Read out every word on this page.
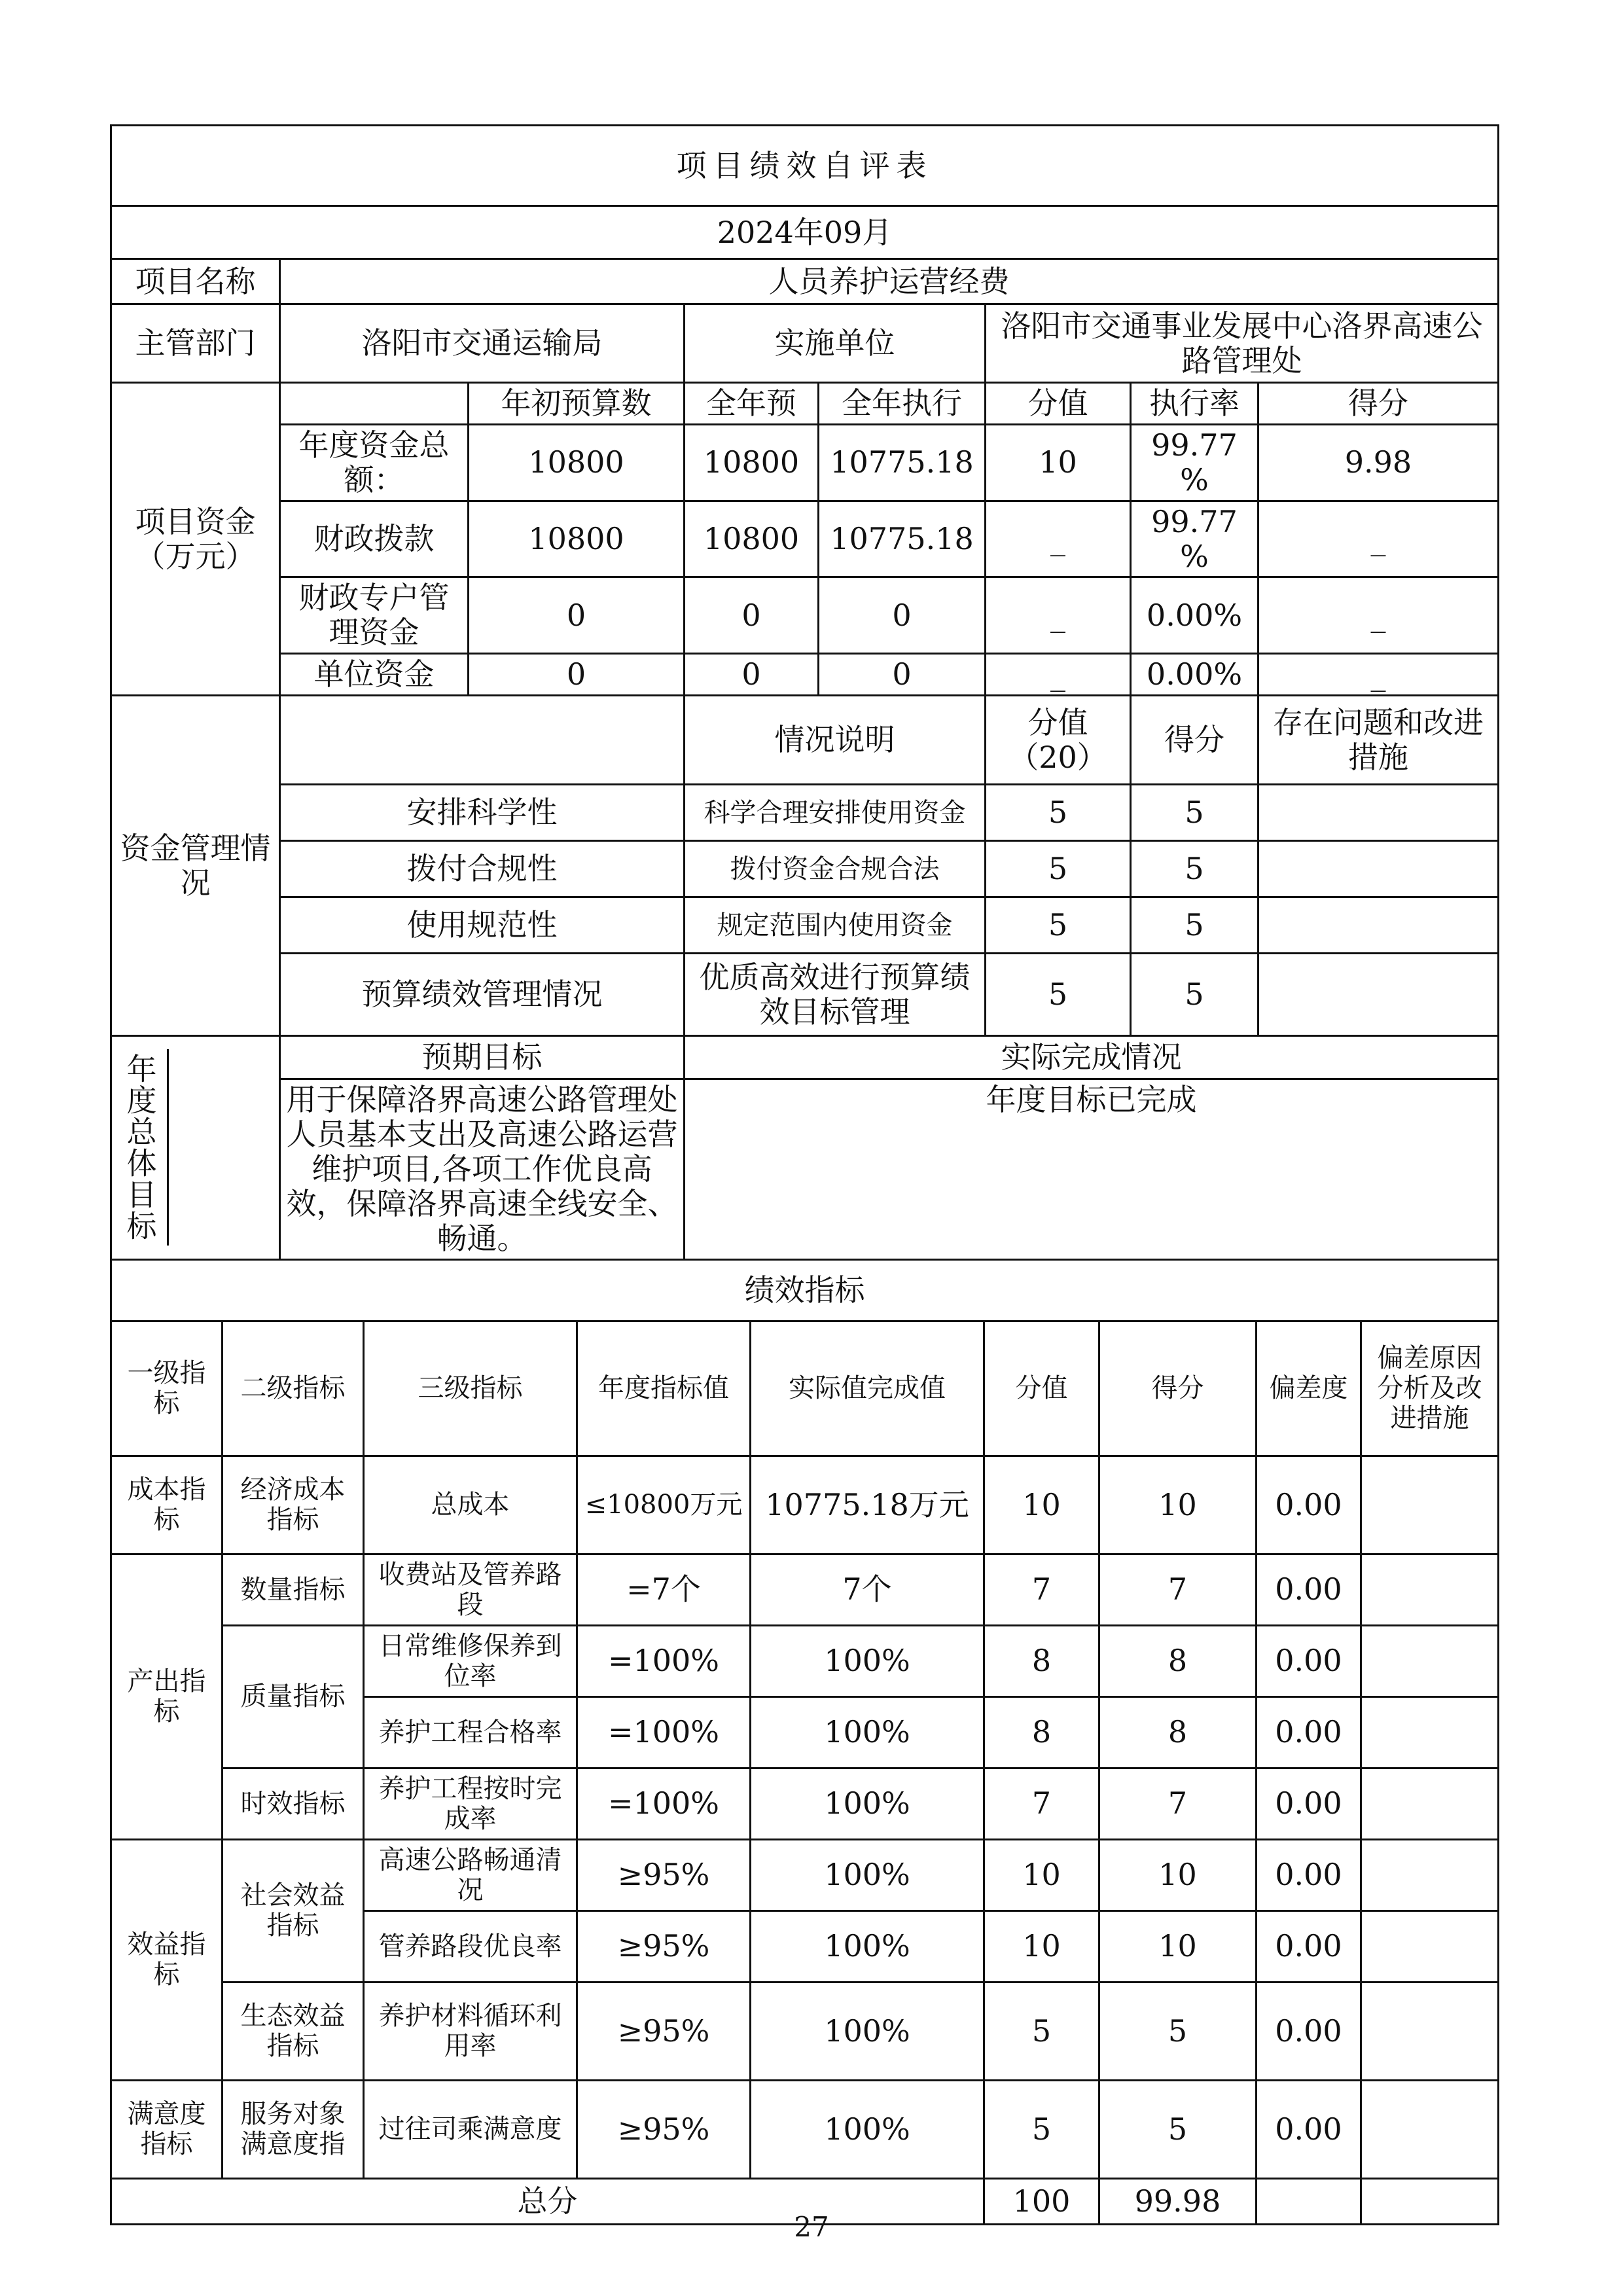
项目绩效自评表							
2024年09月							
项目名称	人员养护运营经费						
主管部门	洛阳市交通运输局		实施单位		洛阳市交通事业发展中心洛界高速公路管理处		
项目资金（万元）		年初预算数	全年预	全年执行	分值	执行率	得分
	年度资金总额：	10800	10800	10775.18	10	99.77 %	9.98
	财政拨款	10800	10800	10775.18	_	99.77 %	_
	财政专户管理资金	0	0	0	_	0.00%	_
	单位资金	0	0	0	_	0.00%	_
资金管理情况			情况说明		分值（20）	得分	存在问题和改进措施
	安排科学性		科学合理安排使用资金		5	5	
	拨付合规性		拨付资金合规合法		5	5	
	使用规范性		规定范围内使用资金		5	5	
	预算绩效管理情况		优质高效进行预算绩效目标管理		5	5	

年度总体目标	预期目标		实际完成情况				
	用于保障洛界高速公路管理处人员基本支出及高速公路运营维护项目,各项工作优良高效，保障洛界高速全线安全、畅通。		年度目标已完成				
绩效指标							
一级指标	二级指标	三级指标	年度指标值	实际值完成值	分值	得分	偏差度	偏差原因分析及改进措施
成本指标	经济成本指标	总成本	≤10800万元	10775.18万元	10	10	0.00	
产出指标	数量指标	收费站及管养路段	=7个	7个	7	7	0.00	
	质量指标	日常维修保养到位率	=100%	100%	8	8	0.00	
		养护工程合格率	=100%	100%	8	8	0.00	
	时效指标	养护工程按时完成率	=100%	100%	7	7	0.00	
效益指标	社会效益指标	高速公路畅通清况	≥95%	100%	10	10	0.00	
		管养路段优良率	≥95%	100%	10	10	0.00	
	生态效益指标	养护材料循环利用率	≥95%	100%	5	5	0.00	
满意度指标	服务对象满意度指	过往司乘满意度	≥95%	100%	5	5	0.00	
总分					100	99.98		
27
